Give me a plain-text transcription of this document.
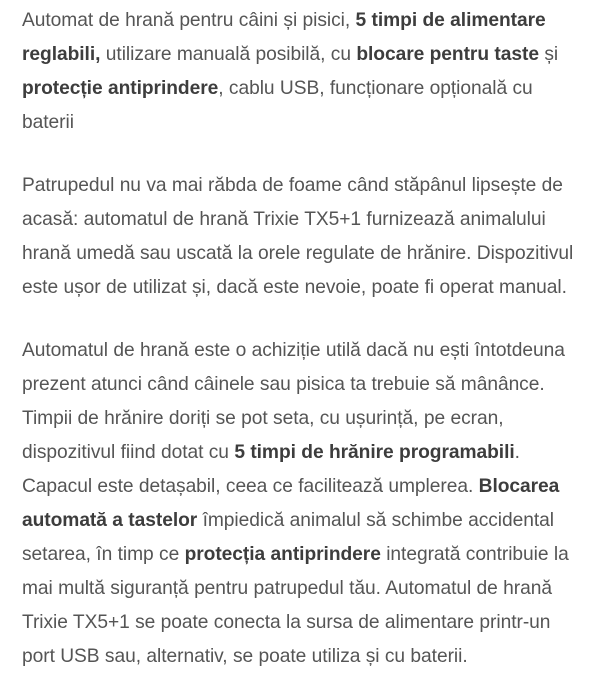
Automat de hrană pentru câini și pisici, 5 timpi de alimentare reglabili, utilizare manuală posibilă, cu blocare pentru taste și protecție antiprindere, cablu USB, funcționare opțională cu baterii

Patrupedul nu va mai răbda de foame când stăpânul lipsește de acasă: automatul de hrană Trixie TX5+1 furnizează animalului hrană umedă sau uscată la orele regulate de hrănire. Dispozitivul este ușor de utilizat și, dacă este nevoie, poate fi operat manual.

Automatul de hrană este o achiziție utilă dacă nu ești întotdeuna prezent atunci când câinele sau pisica ta trebuie să mânânce. Timpii de hrănire doriți se pot seta, cu ușurință, pe ecran, dispozitivul fiind dotat cu 5 timpi de hrănire programabili. Capacul este detașabil, ceea ce facilitează umplerea. Blocarea automată a tastelor împiedică animalul să schimbe accidental setarea, în timp ce protecția antiprindere integrată contribuie la mai multă siguranță pentru patrupedul tău. Automatul de hrană Trixie TX5+1 se poate conecta la sursa de alimentare printr-un port USB sau, alternativ, se poate utiliza și cu baterii.
